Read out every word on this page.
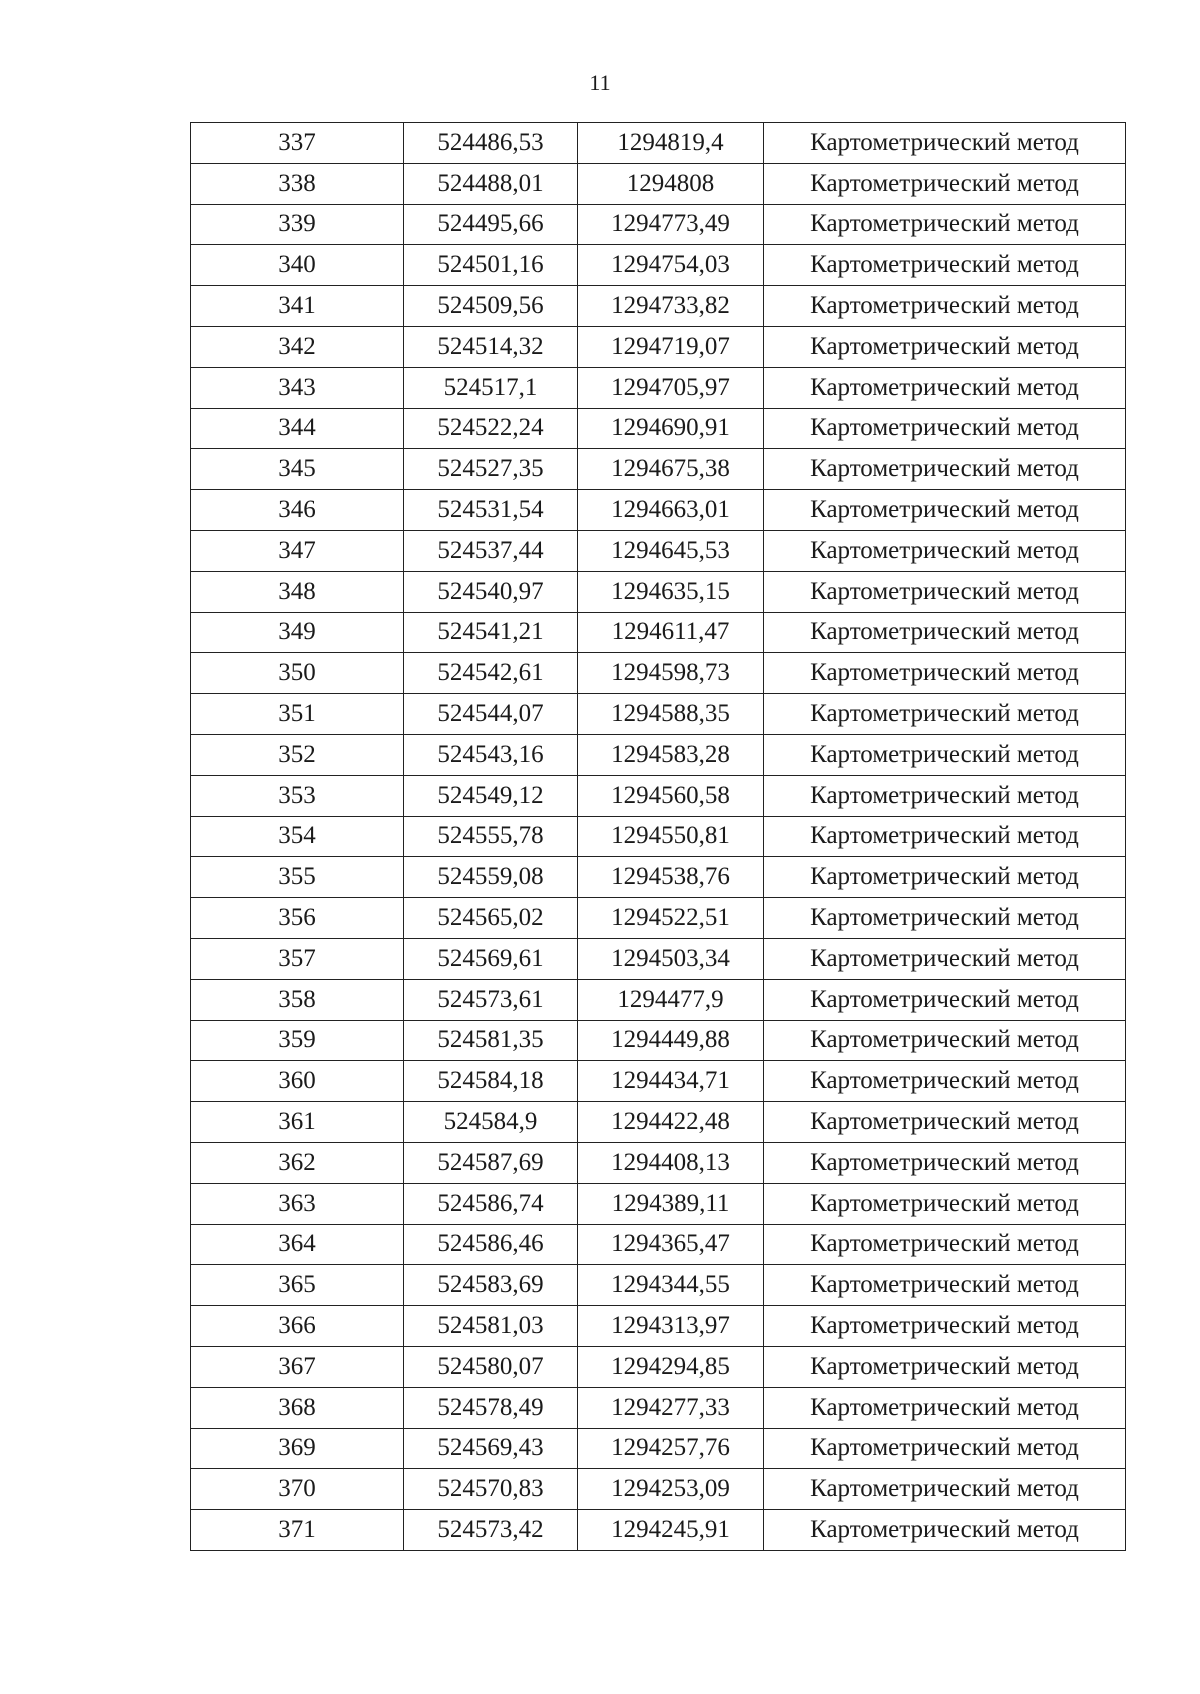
11
337	524486,53	1294819,4	Картометрический метод
338	524488,01	1294808	Картометрический метод
339	524495,66	1294773,49	Картометрический метод
340	524501,16	1294754,03	Картометрический метод
341	524509,56	1294733,82	Картометрический метод
342	524514,32	1294719,07	Картометрический метод
343	524517,1	1294705,97	Картометрический метод
344	524522,24	1294690,91	Картометрический метод
345	524527,35	1294675,38	Картометрический метод
346	524531,54	1294663,01	Картометрический метод
347	524537,44	1294645,53	Картометрический метод
348	524540,97	1294635,15	Картометрический метод
349	524541,21	1294611,47	Картометрический метод
350	524542,61	1294598,73	Картометрический метод
351	524544,07	1294588,35	Картометрический метод
352	524543,16	1294583,28	Картометрический метод
353	524549,12	1294560,58	Картометрический метод
354	524555,78	1294550,81	Картометрический метод
355	524559,08	1294538,76	Картометрический метод
356	524565,02	1294522,51	Картометрический метод
357	524569,61	1294503,34	Картометрический метод
358	524573,61	1294477,9	Картометрический метод
359	524581,35	1294449,88	Картометрический метод
360	524584,18	1294434,71	Картометрический метод
361	524584,9	1294422,48	Картометрический метод
362	524587,69	1294408,13	Картометрический метод
363	524586,74	1294389,11	Картометрический метод
364	524586,46	1294365,47	Картометрический метод
365	524583,69	1294344,55	Картометрический метод
366	524581,03	1294313,97	Картометрический метод
367	524580,07	1294294,85	Картометрический метод
368	524578,49	1294277,33	Картометрический метод
369	524569,43	1294257,76	Картометрический метод
370	524570,83	1294253,09	Картометрический метод
371	524573,42	1294245,91	Картометрический метод
